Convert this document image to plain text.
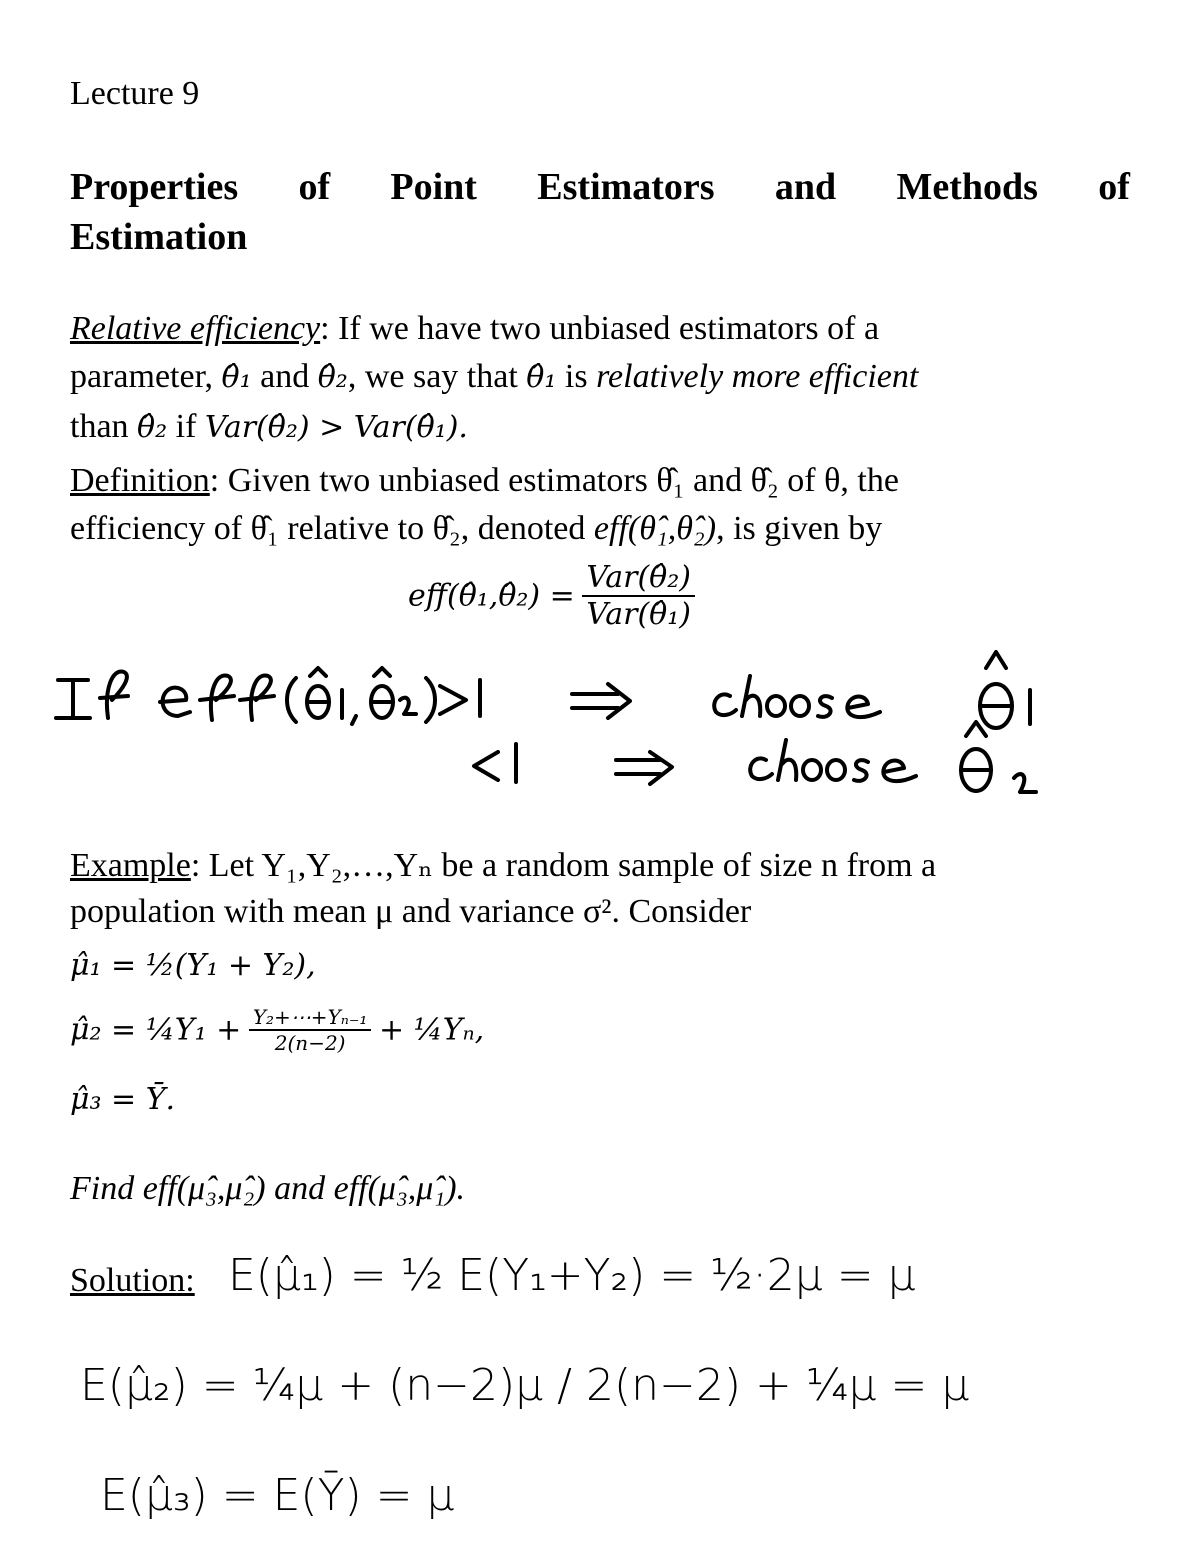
Lecture 9
Properties of Point Estimators and Methods of
Estimation
Relative efficiency: If we have two unbiased estimators of a
parameter, θ̂₁ and θ̂₂, we say that θ̂₁ is relatively more efficient
than θ̂₂ if Var(θ̂₂) > Var(θ̂₁).
Definition: Given two unbiased estimators θ̂₁ and θ̂₂ of θ, the
efficiency of θ̂₁ relative to θ̂₂, denoted eff(θ̂₁,θ̂₂), is given by
eff(θ̂₁,θ̂₂) = $\frac{\text{Var(θ̂₂)}}{\text{Var(θ̂₁)}}$
Example: Let Y₁,Y₂,…,Yₙ be a random sample of size n from a
population with mean μ and variance σ². Consider
μ̂₁ = ½(Y₁ + Y₂),
μ̂₂ = ¼Y₁ + $\frac{\text{Y₂+⋯+Yₙ₋₁}}{2(n-2)}$ + ¼Yₙ,
μ̂₃ = Ȳ.
Find eff(μ̂₃,μ̂₂) and eff(μ̂₃,μ̂₁).
Solution: E(μ̂₁) = ½ E(Y₁+Y₂) = ½·2μ = μ
E(μ̂₂) = ¼μ + (n−2)μ / 2(n−2) + ¼μ = μ
E(μ̂₃) = E(Ȳ) = μ
